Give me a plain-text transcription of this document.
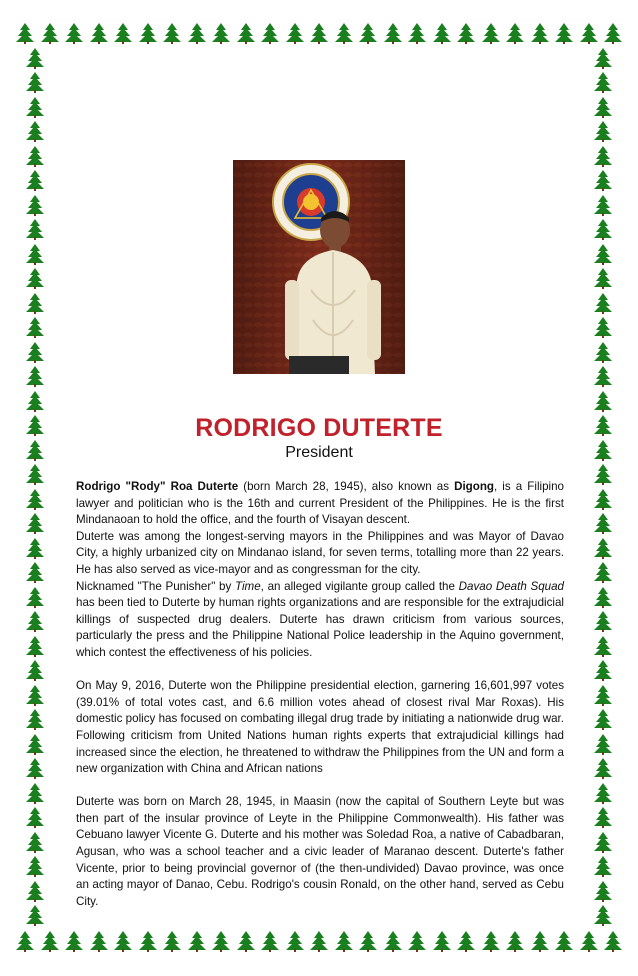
RODRIGO DUTERTE
President

Rodrigo "Rody" Roa Duterte (born March 28, 1945), also known as Digong, is a Filipino lawyer and politician who is the 16th and current President of the Philippines. He is the first Mindanaoan to hold the office, and the fourth of Visayan descent.

Duterte was among the longest-serving mayors in the Philippines and was Mayor of Davao City, a highly urbanized city on Mindanao island, for seven terms, totalling more than 22 years. He has also served as vice-mayor and as congressman for the city.

Nicknamed "The Punisher" by Time, an alleged vigilante group called the Davao Death Squad has been tied to Duterte by human rights organizations and are responsible for the extrajudicial killings of suspected drug dealers. Duterte has drawn criticism from various sources, particularly the press and the Philippine National Police leadership in the Aquino government, which contest the effectiveness of his policies.

On May 9, 2016, Duterte won the Philippine presidential election, garnering 16,601,997 votes (39.01% of total votes cast, and 6.6 million votes ahead of closest rival Mar Roxas). His domestic policy has focused on combating illegal drug trade by initiating a nationwide drug war. Following criticism from United Nations human rights experts that extrajudicial killings had increased since the election, he threatened to withdraw the Philippines from the UN and form a new organization with China and African nations

Duterte was born on March 28, 1945, in Maasin (now the capital of Southern Leyte but was then part of the insular province of Leyte in the Philippine Commonwealth). His father was Cebuano lawyer Vicente G. Duterte and his mother was Soledad Roa, a native of Cabadbaran, Agusan, who was a school teacher and a civic leader of Maranao descent. Duterte's father Vicente, prior to being provincial governor of (the then-undivided) Davao province, was once an acting mayor of Danao, Cebu. Rodrigo's cousin Ronald, on the other hand, served as Cebu City.
